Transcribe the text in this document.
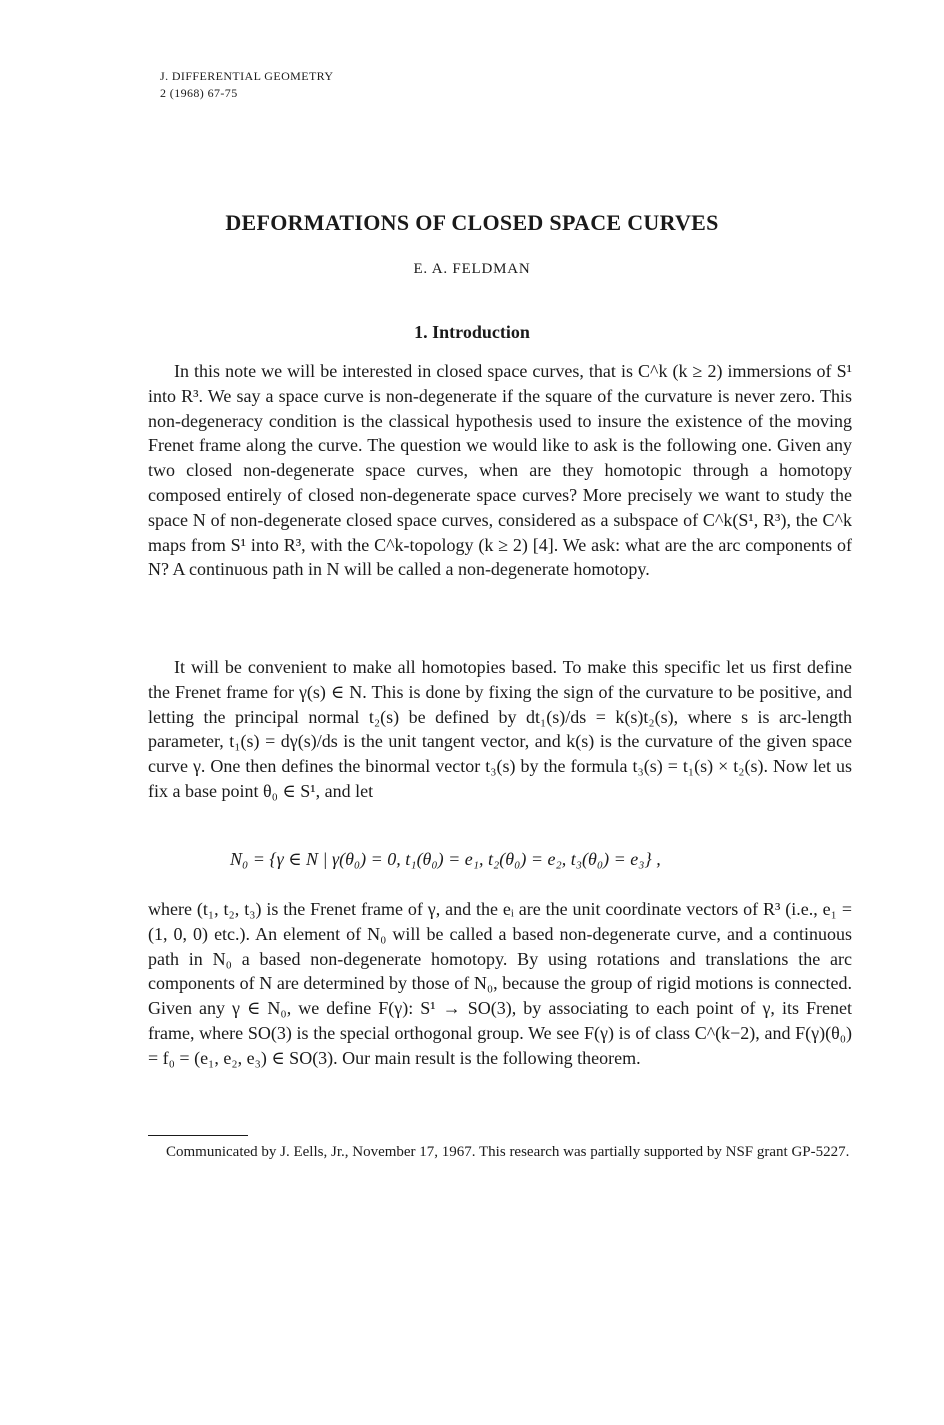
J. DIFFERENTIAL GEOMETRY
2 (1968) 67-75
DEFORMATIONS OF CLOSED SPACE CURVES
E. A. FELDMAN
1. Introduction

In this note we will be interested in closed space curves, that is C^k (k ≥ 2) immersions of S¹ into R³. We say a space curve is non-degenerate if the square of the curvature is never zero. This non-degeneracy condition is the classical hypothesis used to insure the existence of the moving Frenet frame along the curve. The question we would like to ask is the following one. Given any two closed non-degenerate space curves, when are they homotopic through a homotopy composed entirely of closed non-degenerate space curves? More precisely we want to study the space N of non-degenerate closed space curves, considered as a subspace of C^k(S¹, R³), the C^k maps from S¹ into R³, with the C^k-topology (k ≥ 2) [4]. We ask: what are the arc components of N? A continuous path in N will be called a non-degenerate homotopy.

It will be convenient to make all homotopies based. To make this specific let us first define the Frenet frame for γ(s) ∈ N. This is done by fixing the sign of the curvature to be positive, and letting the principal normal t₂(s) be defined by dt₁(s)/ds = k(s)t₂(s), where s is arc-length parameter, t₁(s) = dγ(s)/ds is the unit tangent vector, and k(s) is the curvature of the given space curve γ. One then defines the binormal vector t₃(s) by the formula t₃(s) = t₁(s) × t₂(s). Now let us fix a base point θ₀ ∈ S¹, and let

N₀ = {γ ∈ N | γ(θ₀) = 0, t₁(θ₀) = e₁, t₂(θ₀) = e₂, t₃(θ₀) = e₃} ,

where (t₁, t₂, t₃) is the Frenet frame of γ, and the eᵢ are the unit coordinate vectors of R³ (i.e., e₁ = (1, 0, 0) etc.). An element of N₀ will be called a based non-degenerate curve, and a continuous path in N₀ a based non-degenerate homotopy. By using rotations and translations the arc components of N are determined by those of N₀, because the group of rigid motions is connected. Given any γ ∈ N₀, we define F(γ): S¹ → SO(3), by associating to each point of γ, its Frenet frame, where SO(3) is the special orthogonal group. We see F(γ) is of class C^(k−2), and F(γ)(θ₀) = f₀ = (e₁, e₂, e₃) ∈ SO(3). Our main result is the following theorem.

Communicated by J. Eells, Jr., November 17, 1967. This research was partially supported by NSF grant GP-5227.
